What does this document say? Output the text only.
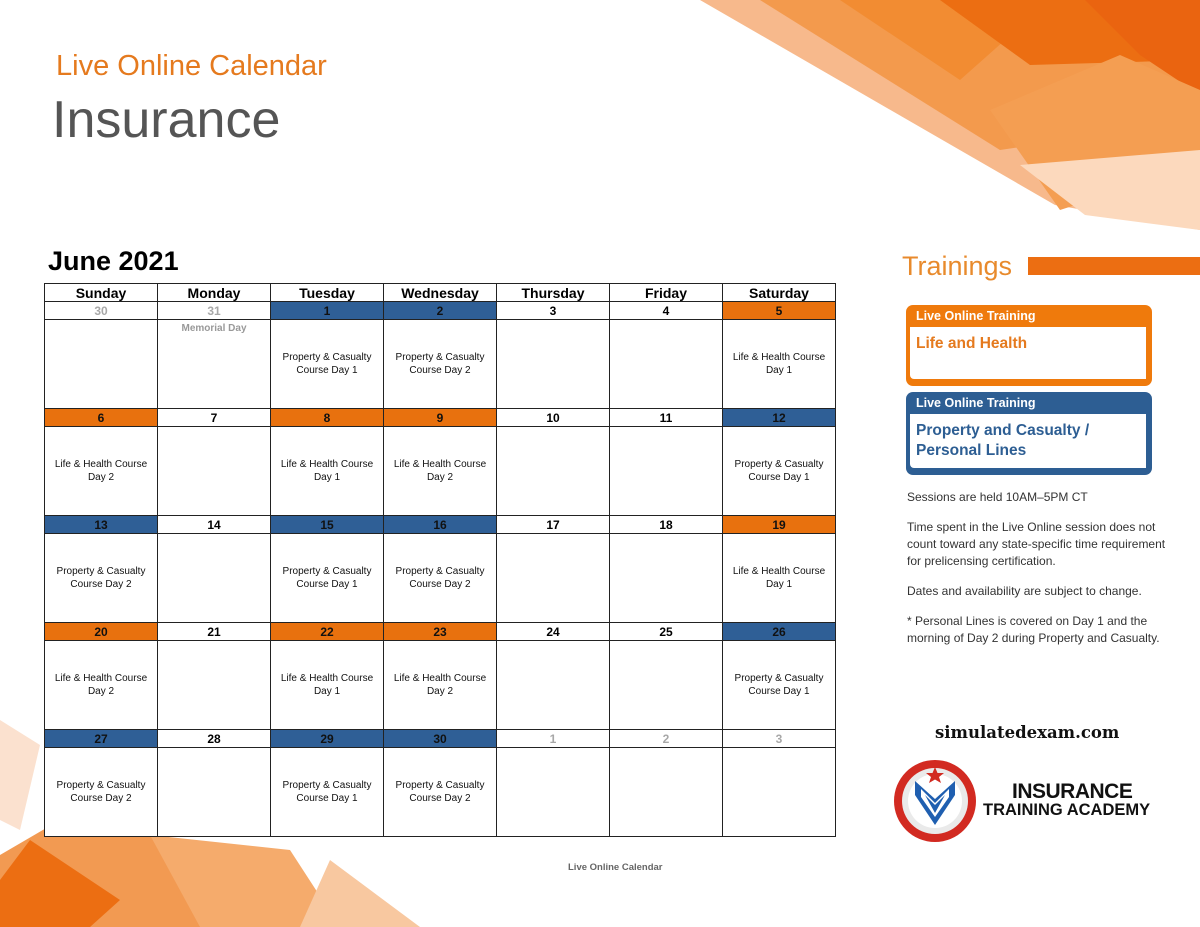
Live Online Calendar
Insurance
June 2021
Sunday	Monday	Tuesday	Wednesday	Thursday	Friday	Saturday
30	31	1	2	3	4	5

	Memorial Day	Property & Casualty Course Day 1	Property & Casualty Course Day 2			Life & Health Course Day 1

6	7	8	9	10	11	12

Life & Health Course Day 2		Life & Health Course Day 1	Life & Health Course Day 2			Property & Casualty Course Day 1

13	14	15	16	17	18	19

Property & Casualty Course Day 2		Property & Casualty Course Day 1	Property & Casualty Course Day 2			Life & Health Course Day 1

20	21	22	23	24	25	26

Life & Health Course Day 2		Life & Health Course Day 1	Life & Health Course Day 2			Property & Casualty Course Day 1

27	28	29	30	1	2	3

Property & Casualty Course Day 2		Property & Casualty Course Day 1	Property & Casualty Course Day 2			

Trainings
Live Online Training
Life and Health
Live Online Training
Property and Casualty / Personal Lines
Sessions are held 10AM–5PM CT
Time spent in the Live Online session does not count toward any state-specific time requirement for prelicensing certification.
Dates and availability are subject to change.
* Personal Lines is covered on Day 1 and the morning of Day 2 during Property and Casualty.
simulatedexam.com
INSURANCE
TRAINING ACADEMY
Live Online Calendar
